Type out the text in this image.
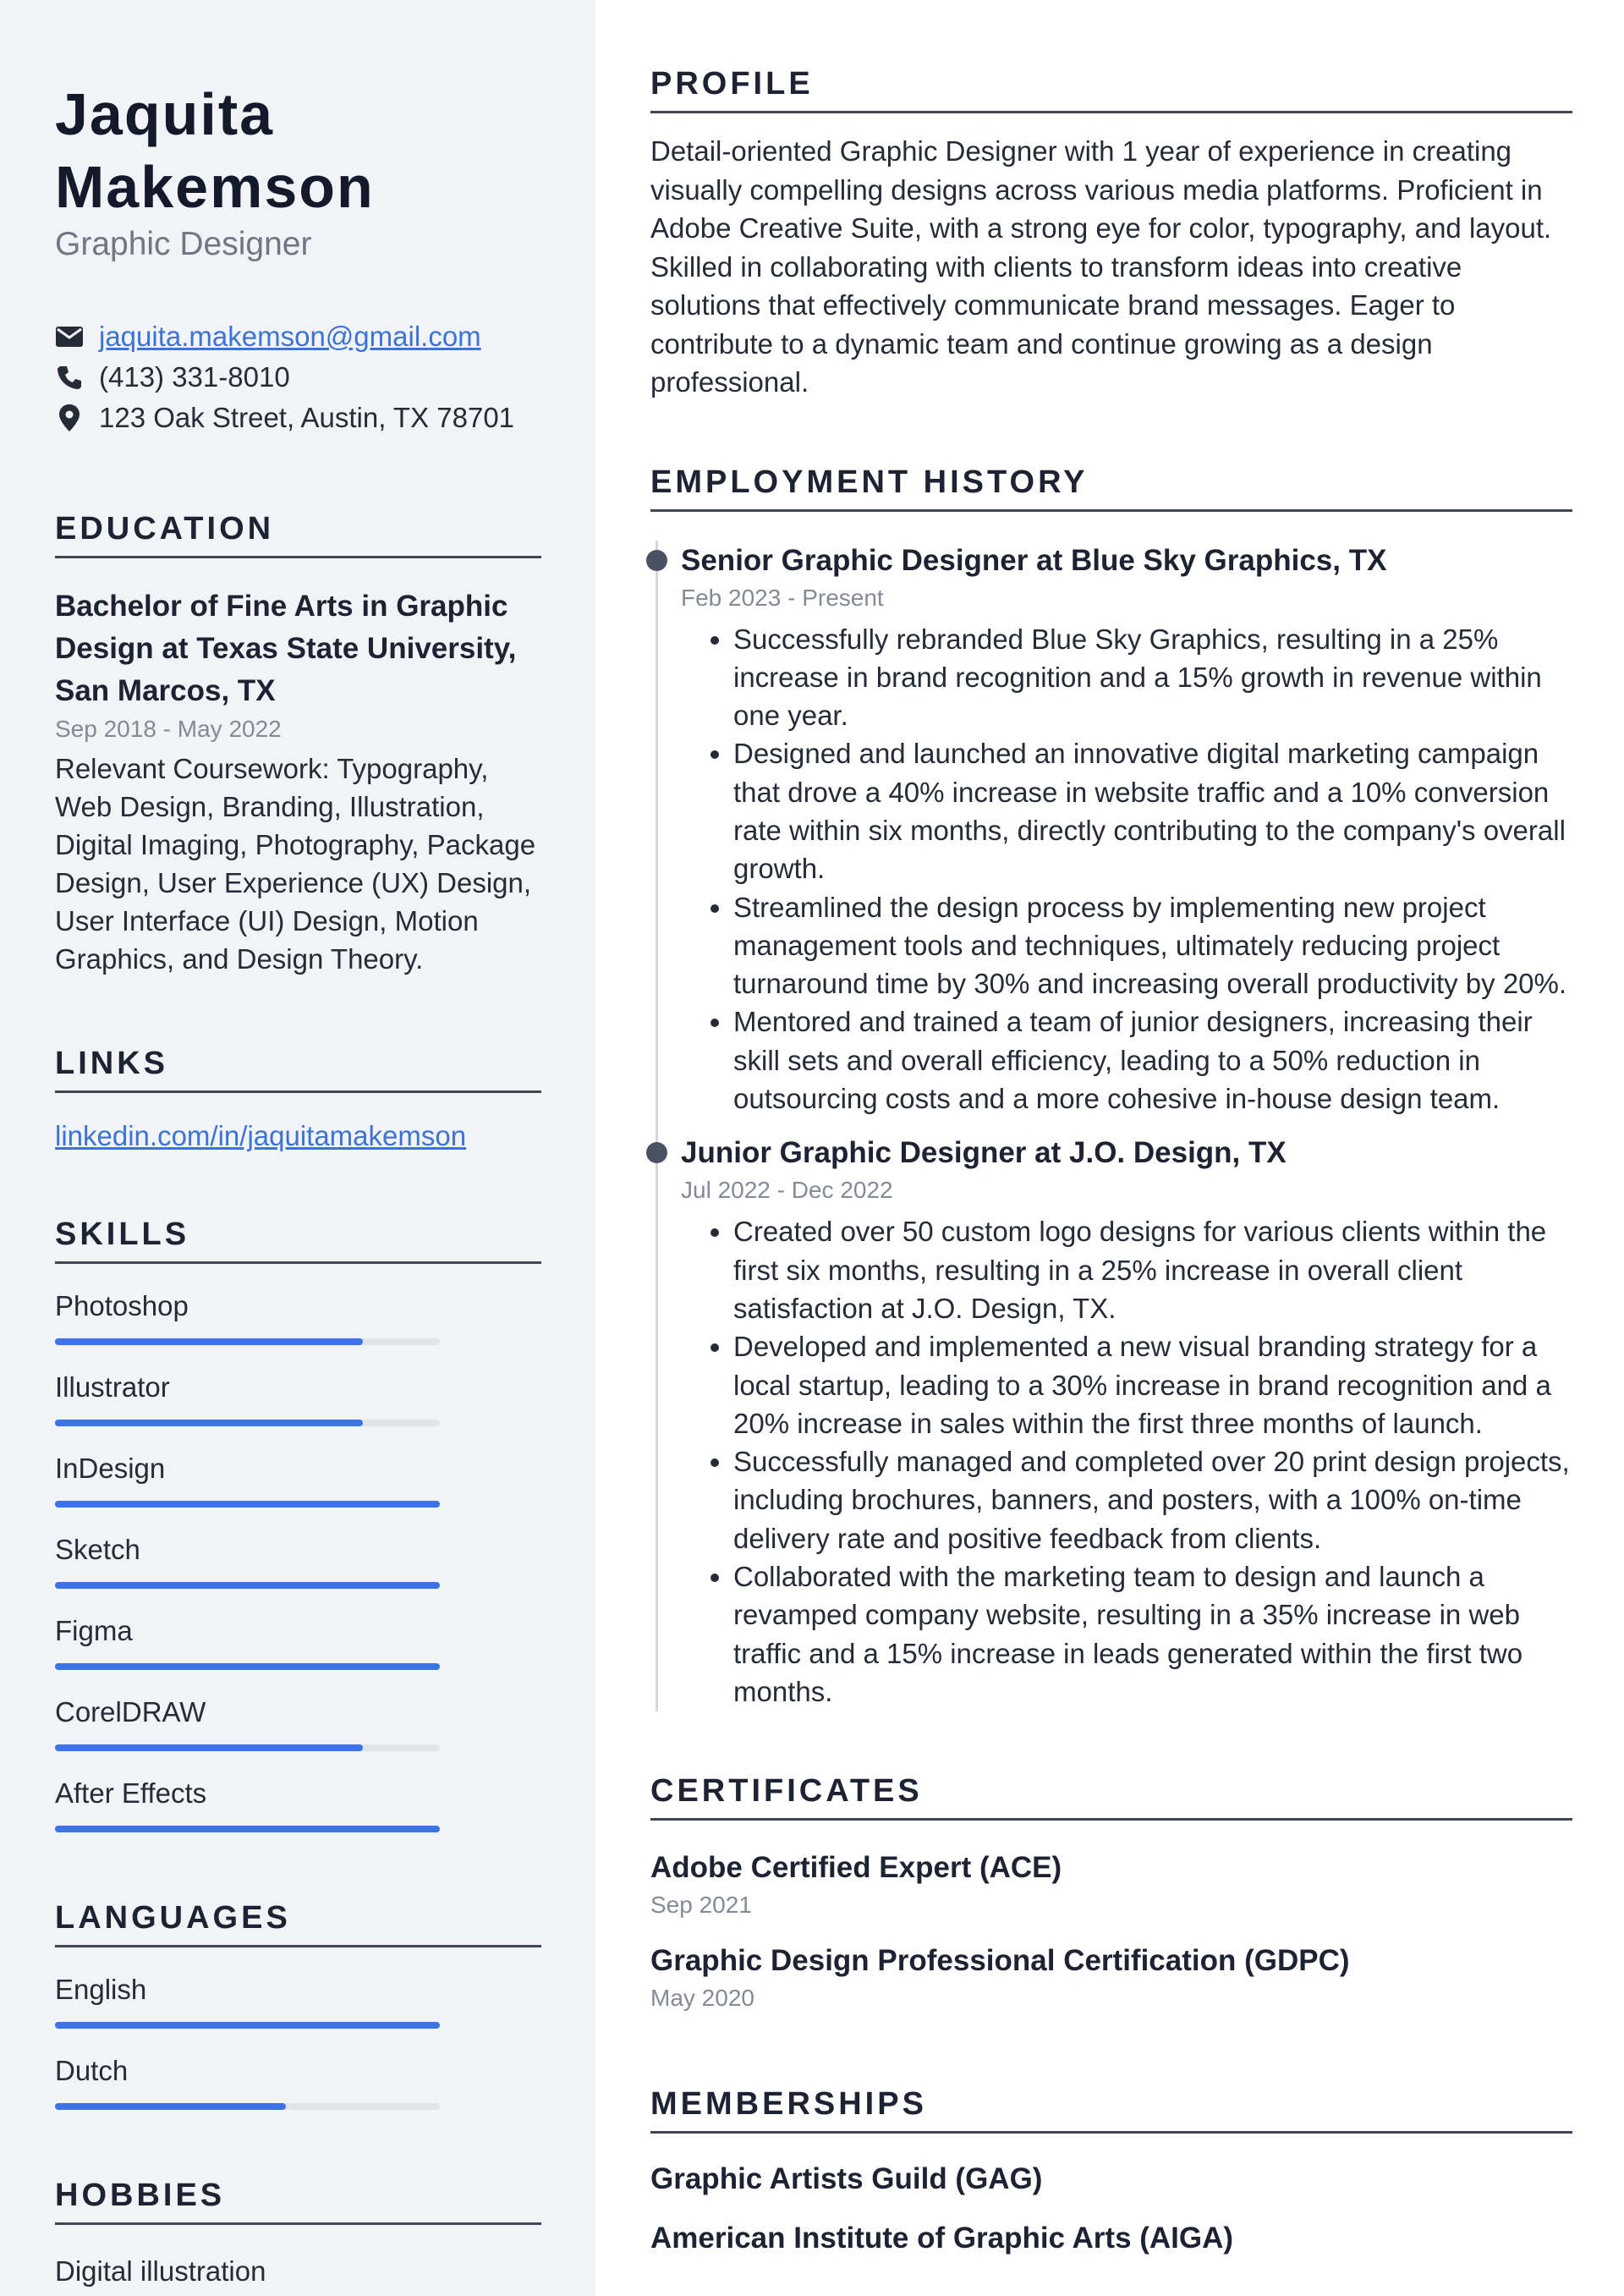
Jaquita
Makemson
Graphic Designer
jaquita.makemson@gmail.com
(413) 331-8010
123 Oak Street, Austin, TX 78701
EDUCATION
Bachelor of Fine Arts in Graphic Design at Texas State University, San Marcos, TX
Sep 2018 - May 2022
Relevant Coursework: Typography, Web Design, Branding, Illustration, Digital Imaging, Photography, Package Design, User Experience (UX) Design, User Interface (UI) Design, Motion Graphics, and Design Theory.
LINKS
linkedin.com/in/jaquitamakemson
SKILLS
Photoshop
Illustrator
InDesign
Sketch
Figma
CorelDRAW
After Effects
LANGUAGES
English
Dutch
HOBBIES
Digital illustration
PROFILE
Detail-oriented Graphic Designer with 1 year of experience in creating visually compelling designs across various media platforms. Proficient in Adobe Creative Suite, with a strong eye for color, typography, and layout. Skilled in collaborating with clients to transform ideas into creative solutions that effectively communicate brand messages. Eager to contribute to a dynamic team and continue growing as a design professional.
EMPLOYMENT HISTORY
Senior Graphic Designer at Blue Sky Graphics, TX
Feb 2023 - Present
• Successfully rebranded Blue Sky Graphics, resulting in a 25% increase in brand recognition and a 15% growth in revenue within one year.
• Designed and launched an innovative digital marketing campaign that drove a 40% increase in website traffic and a 10% conversion rate within six months, directly contributing to the company's overall growth.
• Streamlined the design process by implementing new project management tools and techniques, ultimately reducing project turnaround time by 30% and increasing overall productivity by 20%.
• Mentored and trained a team of junior designers, increasing their skill sets and overall efficiency, leading to a 50% reduction in outsourcing costs and a more cohesive in-house design team.
Junior Graphic Designer at J.O. Design, TX
Jul 2022 - Dec 2022
• Created over 50 custom logo designs for various clients within the first six months, resulting in a 25% increase in overall client satisfaction at J.O. Design, TX.
• Developed and implemented a new visual branding strategy for a local startup, leading to a 30% increase in brand recognition and a 20% increase in sales within the first three months of launch.
• Successfully managed and completed over 20 print design projects, including brochures, banners, and posters, with a 100% on-time delivery rate and positive feedback from clients.
• Collaborated with the marketing team to design and launch a revamped company website, resulting in a 35% increase in web traffic and a 15% increase in leads generated within the first two months.
CERTIFICATES
Adobe Certified Expert (ACE)
Sep 2021
Graphic Design Professional Certification (GDPC)
May 2020
MEMBERSHIPS
Graphic Artists Guild (GAG)
American Institute of Graphic Arts (AIGA)
